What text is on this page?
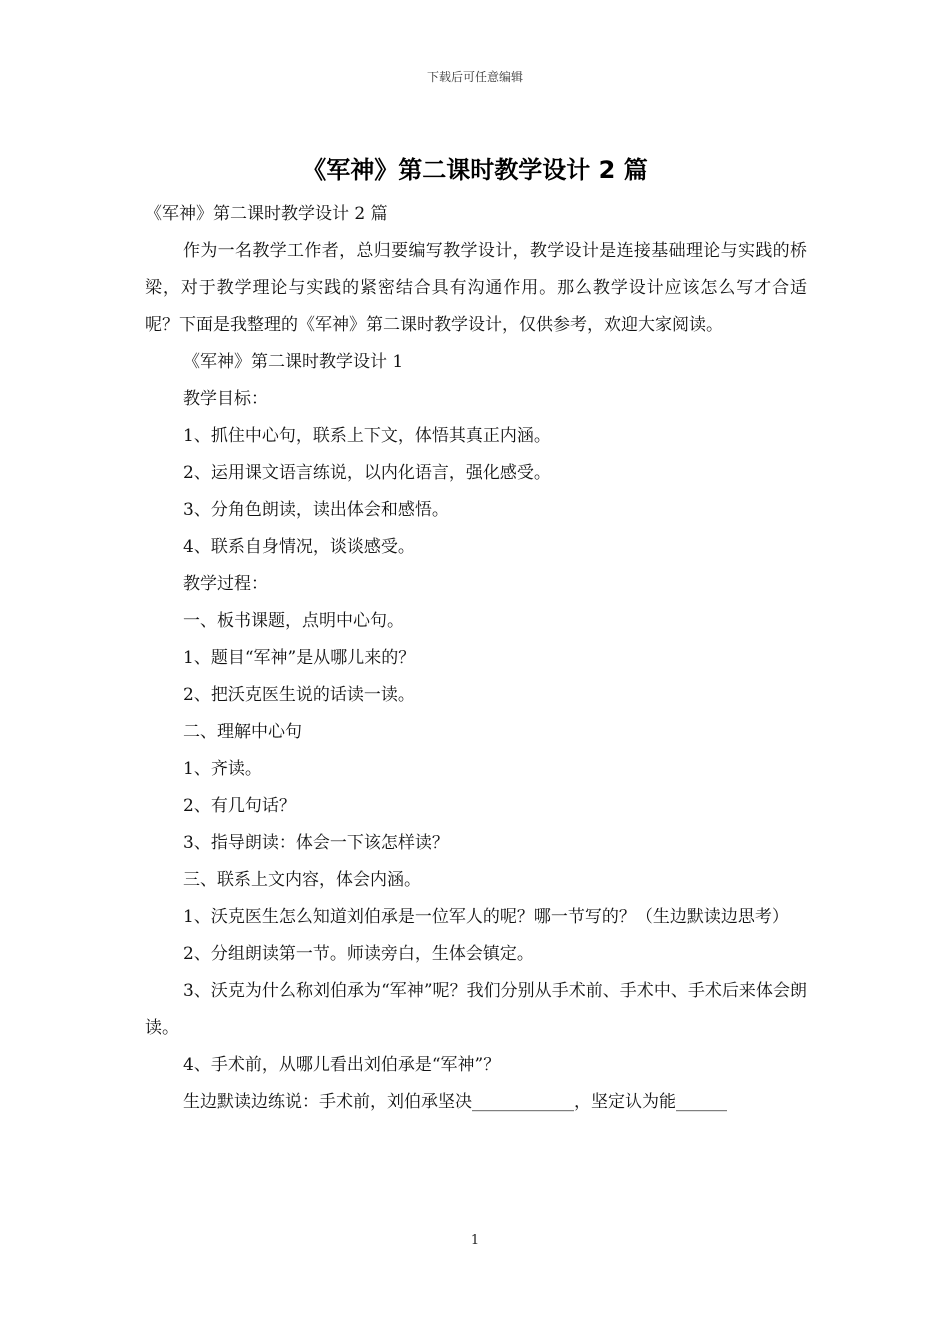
下载后可任意编辑
《军神》第二课时教学设计 2 篇

《军神》第二课时教学设计 2 篇

作为一名教学工作者，总归要编写教学设计，教学设计是连接基础理论与实践的桥梁，对于教学理论与实践的紧密结合具有沟通作用。那么教学设计应该怎么写才合适呢？下面是我整理的《军神》第二课时教学设计，仅供参考，欢迎大家阅读。

《军神》第二课时教学设计 1

教学目标：

1、抓住中心句，联系上下文，体悟其真正内涵。

2、运用课文语言练说，以内化语言，强化感受。

3、分角色朗读，读出体会和感悟。

4、联系自身情况，谈谈感受。

教学过程：

一、板书课题，点明中心句。

1、题目“军神”是从哪儿来的？

2、把沃克医生说的话读一读。

二、理解中心句

1、齐读。

2、有几句话？

3、指导朗读：体会一下该怎样读？

三、联系上文内容，体会内涵。

1、沃克医生怎么知道刘伯承是一位军人的呢？哪一节写的？（生边默读边思考）

2、分组朗读第一节。师读旁白，生体会镇定。

3、沃克为什么称刘伯承为“军神”呢？我们分别从手术前、手术中、手术后来体会朗读。

4、手术前，从哪儿看出刘伯承是“军神”？

生边默读边练说：手术前，刘伯承坚决____________，坚定认为能______

1
